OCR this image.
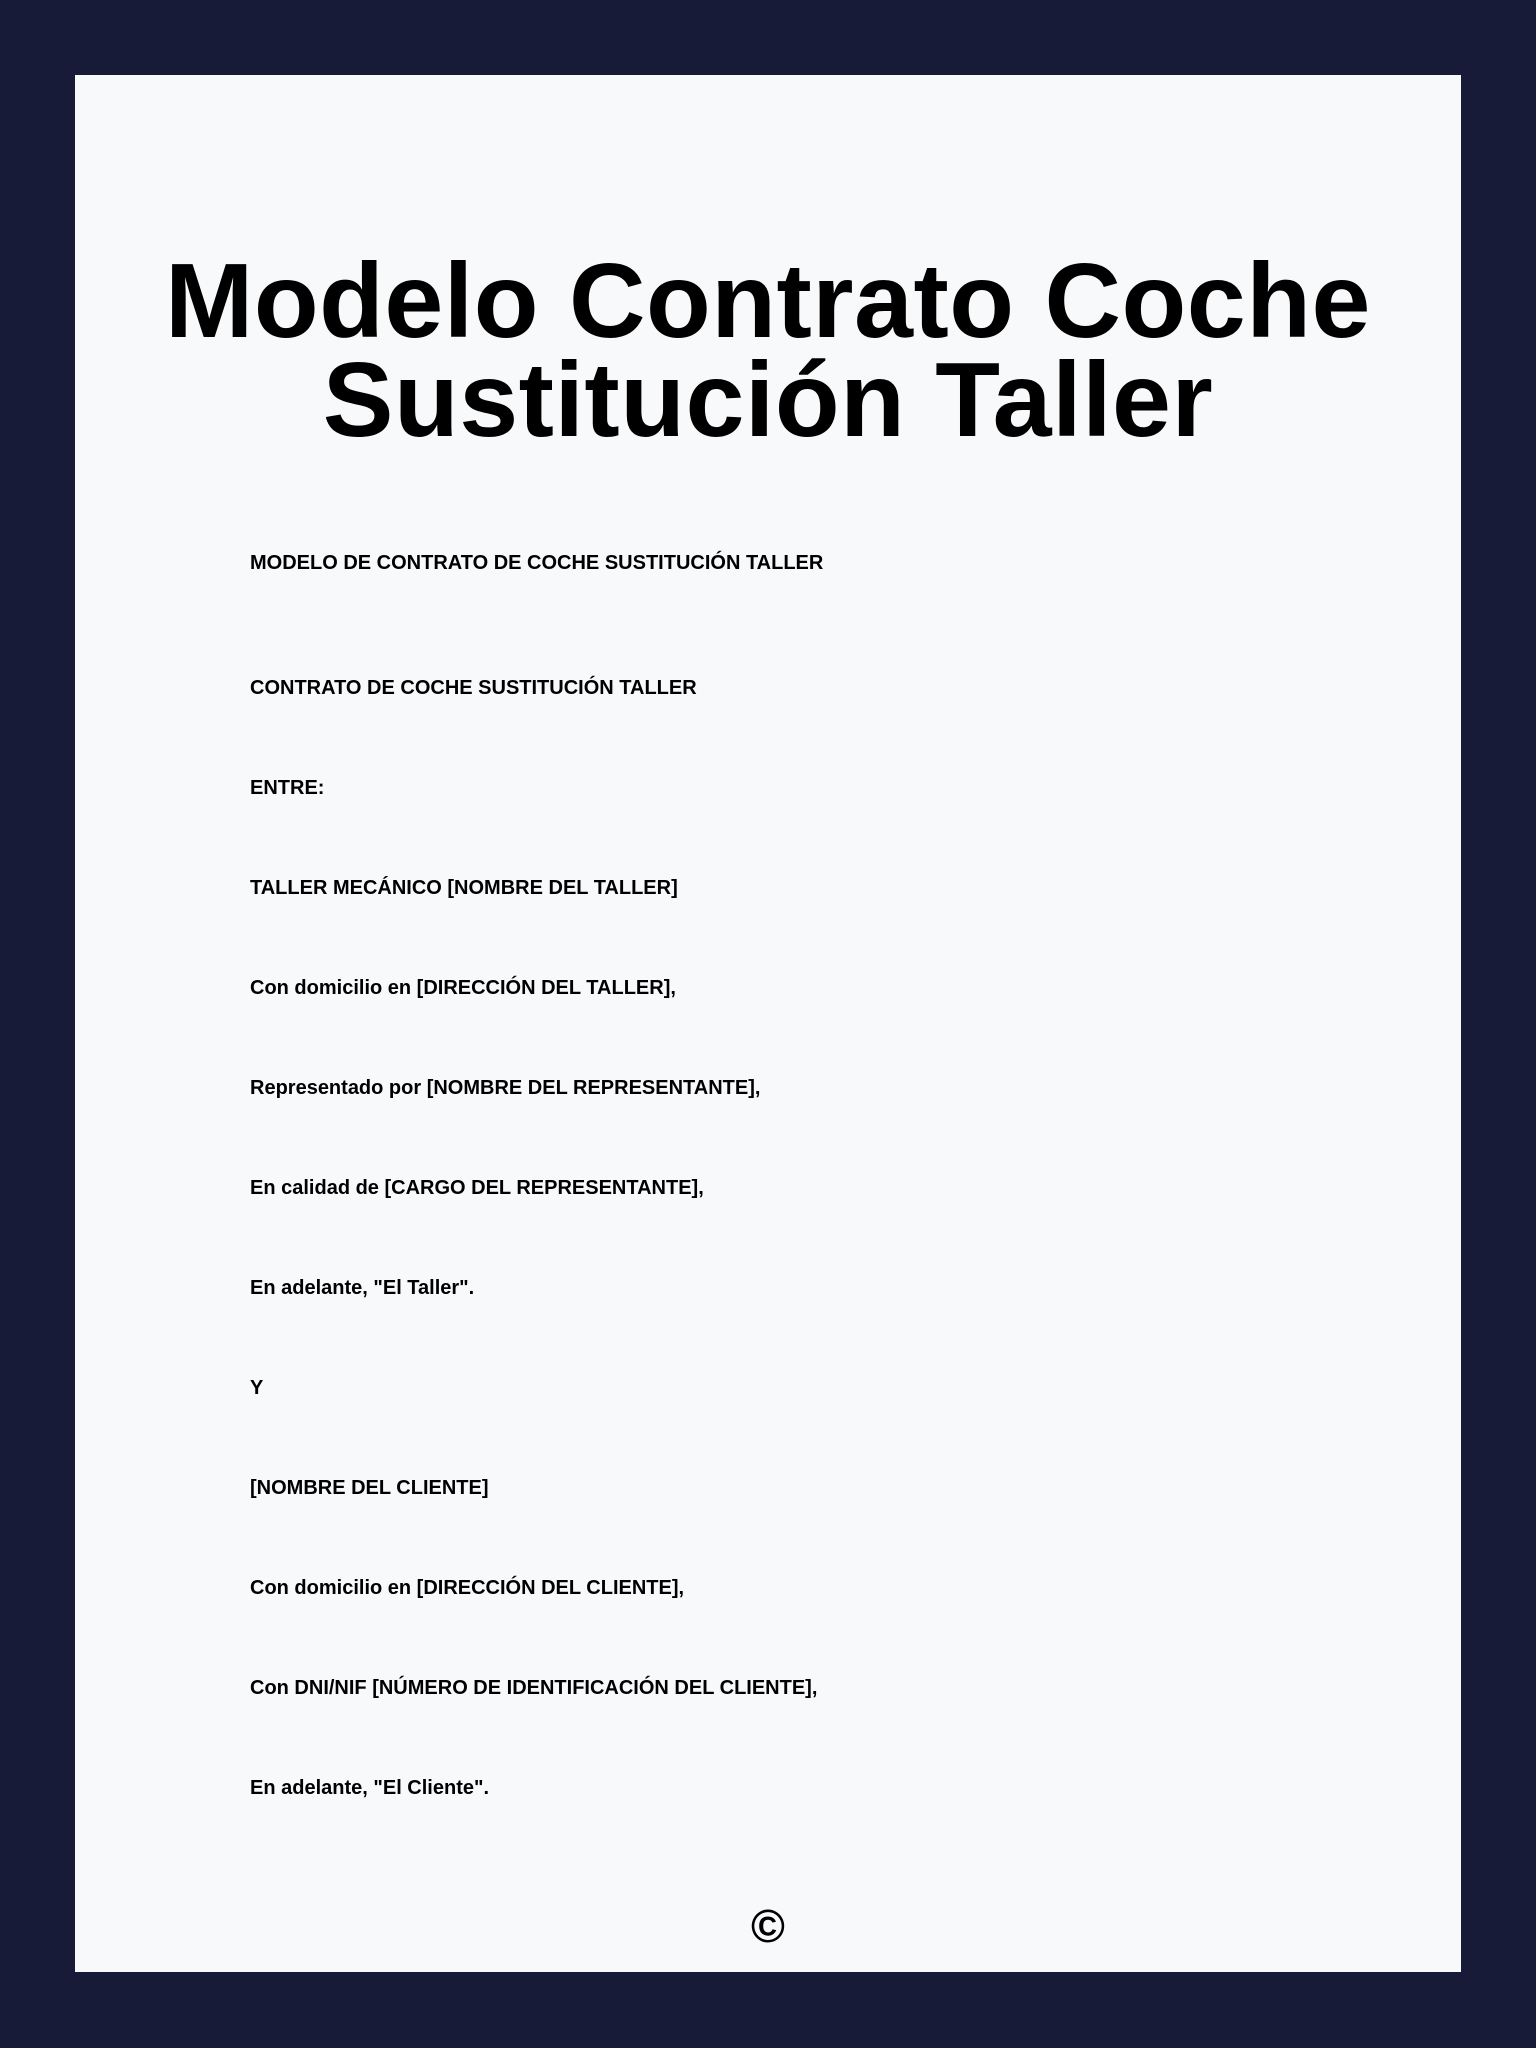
Modelo Contrato Coche
Sustitución Taller

MODELO DE CONTRATO DE COCHE SUSTITUCIÓN TALLER

CONTRATO DE COCHE SUSTITUCIÓN TALLER

ENTRE:

TALLER MECÁNICO [NOMBRE DEL TALLER]

Con domicilio en [DIRECCIÓN DEL TALLER],

Representado por [NOMBRE DEL REPRESENTANTE],

En calidad de [CARGO DEL REPRESENTANTE],

En adelante, "El Taller".

Y

[NOMBRE DEL CLIENTE]

Con domicilio en [DIRECCIÓN DEL CLIENTE],

Con DNI/NIF [NÚMERO DE IDENTIFICACIÓN DEL CLIENTE],

En adelante, "El Cliente".

©
